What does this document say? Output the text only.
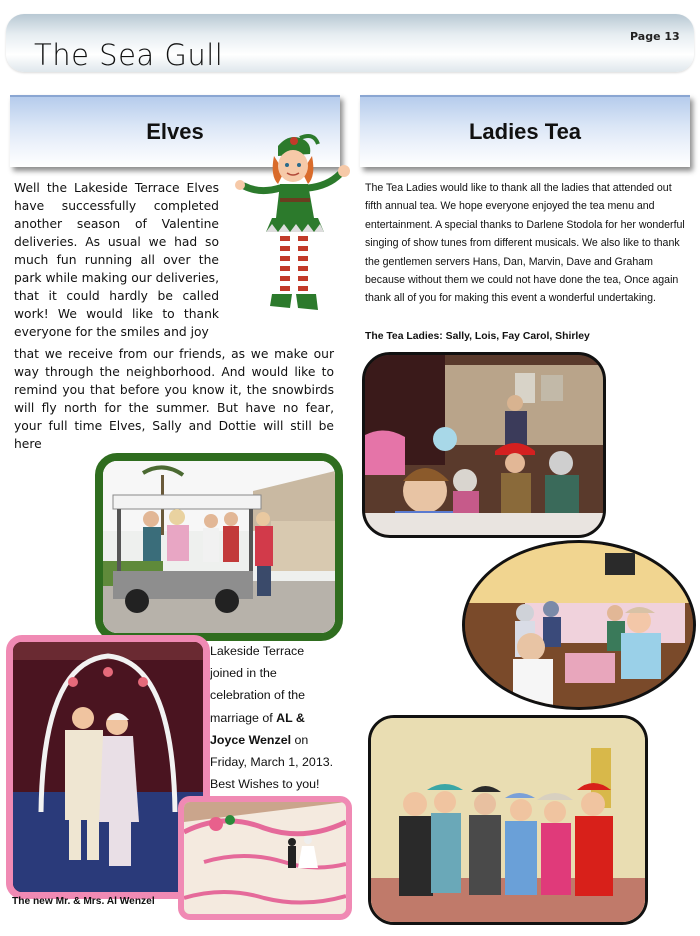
The Sea Gull
Page 13
Elves	Ladies Tea
Well the Lakeside Terrace Elves have successfully completed another season of Valentine deliveries. As usual we had so much fun running all over the park while making our deliveries, that it could hardly be called work! We would like to thank everyone for the smiles and joy
that we receive from our friends, as we make our way through the neighborhood. And would like to remind you that before you know it, the snowbirds will fly north for the summer. But have no fear, your full time Elves, Sally and Dottie will still be here
The Tea Ladies would like to thank all the ladies that attended out fifth annual tea. We hope everyone enjoyed the tea menu and entertainment. A special thanks to Darlene Stodola for her wonderful singing of show tunes from different musicals. We also like to thank the gentlemen servers Hans, Dan, Marvin, Dave and Graham because without them we could not have done the tea, Once again thank all of you for making this event a wonderful undertaking.
The Tea Ladies: Sally, Lois, Fay Carol, Shirley
Lakeside Terrace joined in the celebration of the marriage of AL & Joyce Wenzel on Friday, March 1, 2013. Best Wishes to you!
The new Mr. & Mrs. Al Wenzel
